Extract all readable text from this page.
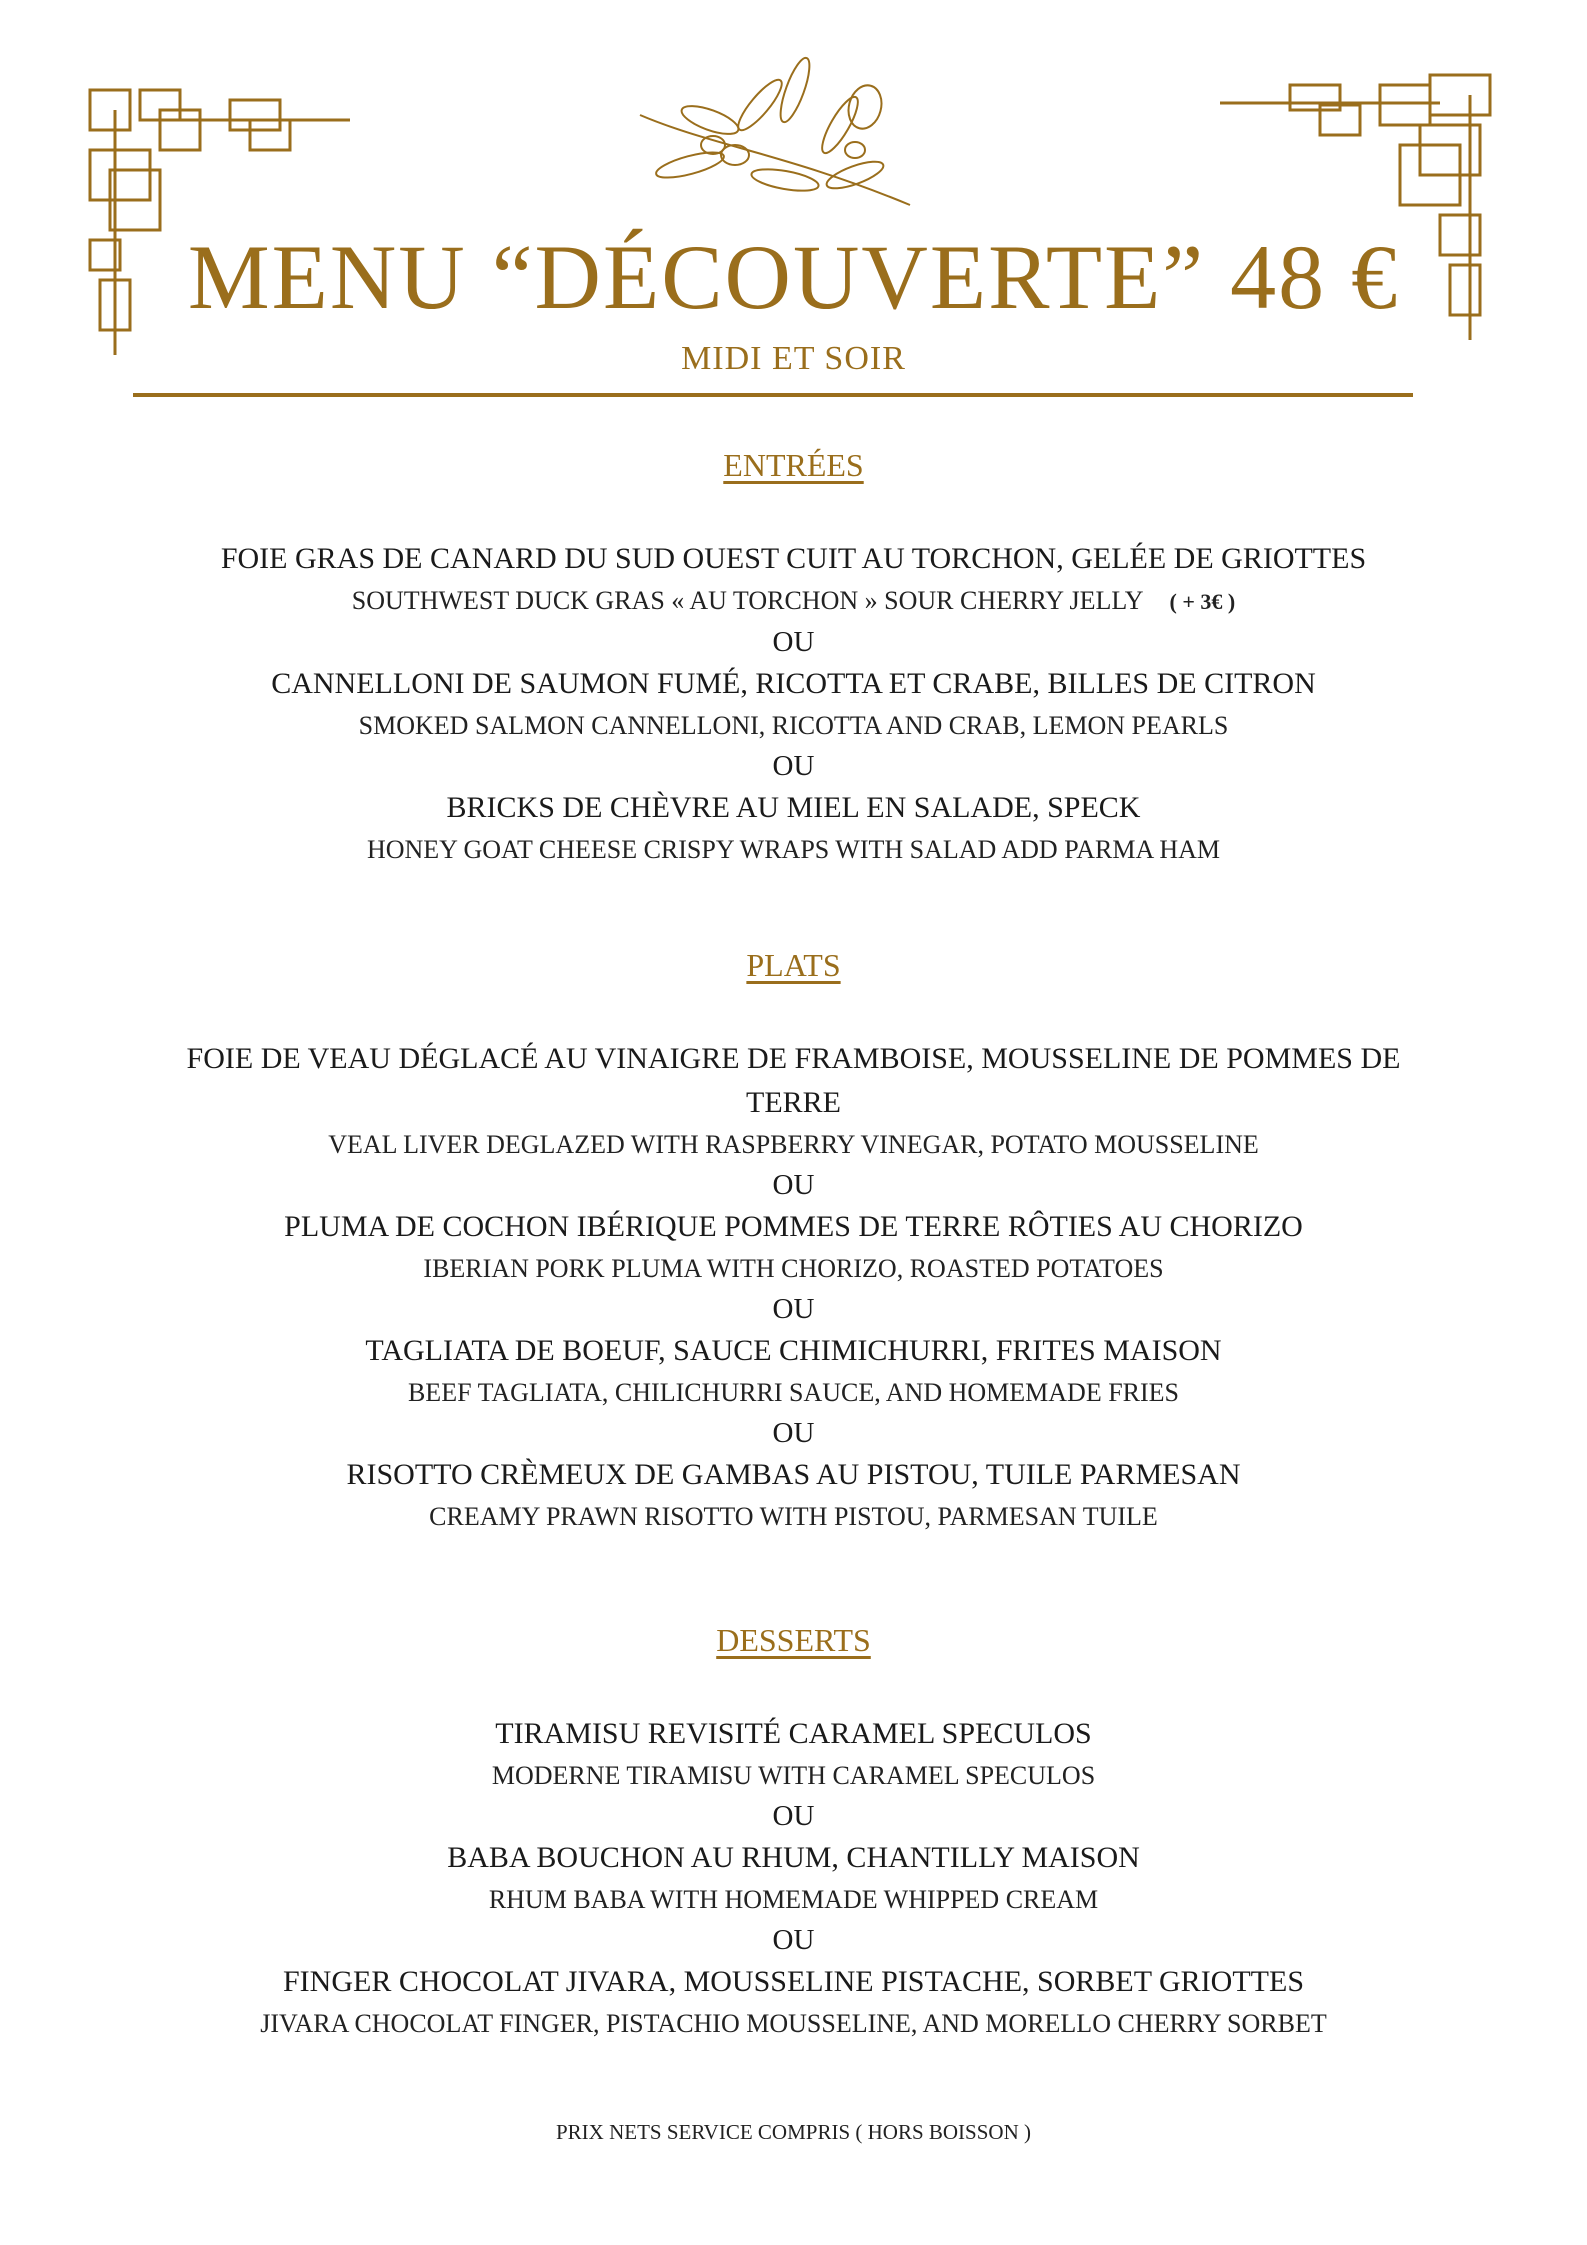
MENU “DÉCOUVERTE” 48 €

MIDI ET SOIR

ENTRÉES

FOIE GRAS DE CANARD DU SUD OUEST CUIT AU TORCHON, GELÉE DE GRIOTTES

SOUTHWEST DUCK GRAS « AU TORCHON » SOUR CHERRY JELLY ( + 3€ )

OU

CANNELLONI DE SAUMON FUMÉ, RICOTTA ET CRABE, BILLES DE CITRON

SMOKED SALMON CANNELLONI, RICOTTA AND CRAB, LEMON PEARLS

OU

BRICKS DE CHÈVRE AU MIEL EN SALADE, SPECK

HONEY GOAT CHEESE CRISPY WRAPS WITH SALAD ADD PARMA HAM

PLATS

FOIE DE VEAU DÉGLACÉ AU VINAIGRE DE FRAMBOISE, MOUSSELINE DE POMMES DE

TERRE

VEAL LIVER DEGLAZED WITH RASPBERRY VINEGAR, POTATO MOUSSELINE

OU

PLUMA DE COCHON IBÉRIQUE POMMES DE TERRE RÔTIES AU CHORIZO

IBERIAN PORK PLUMA WITH CHORIZO, ROASTED POTATOES

OU

TAGLIATA DE BOEUF, SAUCE CHIMICHURRI, FRITES MAISON

BEEF TAGLIATA, CHILICHURRI SAUCE, AND HOMEMADE FRIES

OU

RISOTTO CRÈMEUX DE GAMBAS AU PISTOU, TUILE PARMESAN

CREAMY PRAWN RISOTTO WITH PISTOU, PARMESAN TUILE

DESSERTS

TIRAMISU REVISITÉ CARAMEL SPECULOS

MODERNE TIRAMISU WITH CARAMEL SPECULOS

OU

BABA BOUCHON AU RHUM, CHANTILLY MAISON

RHUM BABA WITH HOMEMADE WHIPPED CREAM

OU

FINGER CHOCOLAT JIVARA, MOUSSELINE PISTACHE, SORBET GRIOTTES

JIVARA CHOCOLAT FINGER, PISTACHIO MOUSSELINE, AND MORELLO CHERRY SORBET

PRIX NETS SERVICE COMPRIS ( HORS BOISSON )
